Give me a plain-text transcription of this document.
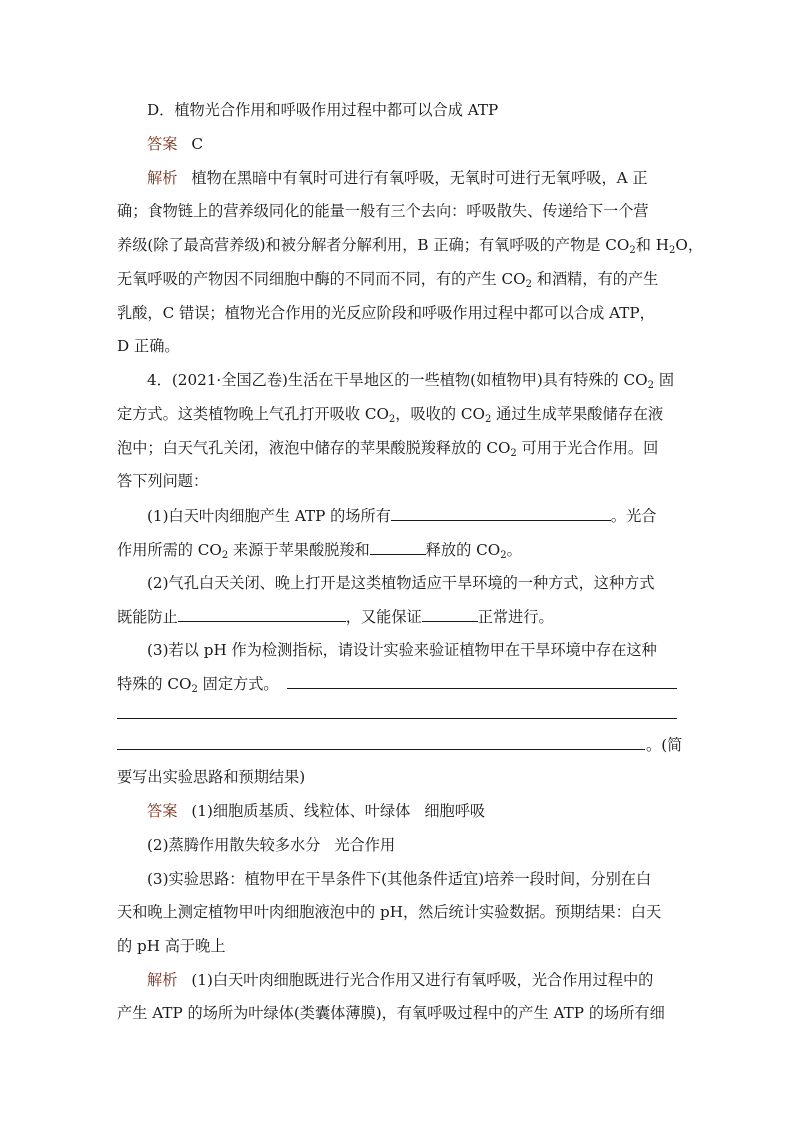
D．植物光合作用和呼吸作用过程中都可以合成 ATP
答案 C
解析 植物在黑暗中有氧时可进行有氧呼吸，无氧时可进行无氧呼吸，A 正
确；食物链上的营养级同化的能量一般有三个去向：呼吸散失、传递给下一个营
养级(除了最高营养级)和被分解者分解利用，B 正确；有氧呼吸的产物是 $CO_2$和 $H_2O$，
无氧呼吸的产物因不同细胞中酶的不同而不同，有的产生 $CO_2$ 和酒精，有的产生
乳酸，C 错误；植物光合作用的光反应阶段和呼吸作用过程中都可以合成 ATP，
D 正确。
4．(2021·全国乙卷)生活在干旱地区的一些植物(如植物甲)具有特殊的 $CO_2$ 固
定方式。这类植物晚上气孔打开吸收 $CO_2$，吸收的 $CO_2$ 通过生成苹果酸储存在液
泡中；白天气孔关闭，液泡中储存的苹果酸脱羧释放的 $CO_2$ 可用于光合作用。回
答下列问题：
(1)白天叶肉细胞产生 ATP 的场所有	。光合
作用所需的 $CO_2$ 来源于苹果酸脱羧和	释放的 $CO_2$。
(2)气孔白天关闭、晚上打开是这类植物适应干旱环境的一种方式，这种方式
既能防止	，又能保证	正常进行。
(3)若以 pH 作为检测指标，请设计实验来验证植物甲在干旱环境中存在这种
特殊的 $CO_2$ 固定方式。
。(简
要写出实验思路和预期结果)
答案 (1)细胞质基质、线粒体、叶绿体 细胞呼吸
(2)蒸腾作用散失较多水分 光合作用
(3)实验思路：植物甲在干旱条件下(其他条件适宜)培养一段时间，分别在白
天和晚上测定植物甲叶肉细胞液泡中的 pH，然后统计实验数据。预期结果：白天
的 pH 高于晚上
解析 (1)白天叶肉细胞既进行光合作用又进行有氧呼吸，光合作用过程中的
产生 ATP 的场所为叶绿体(类囊体薄膜)，有氧呼吸过程中的产生 ATP 的场所有细
